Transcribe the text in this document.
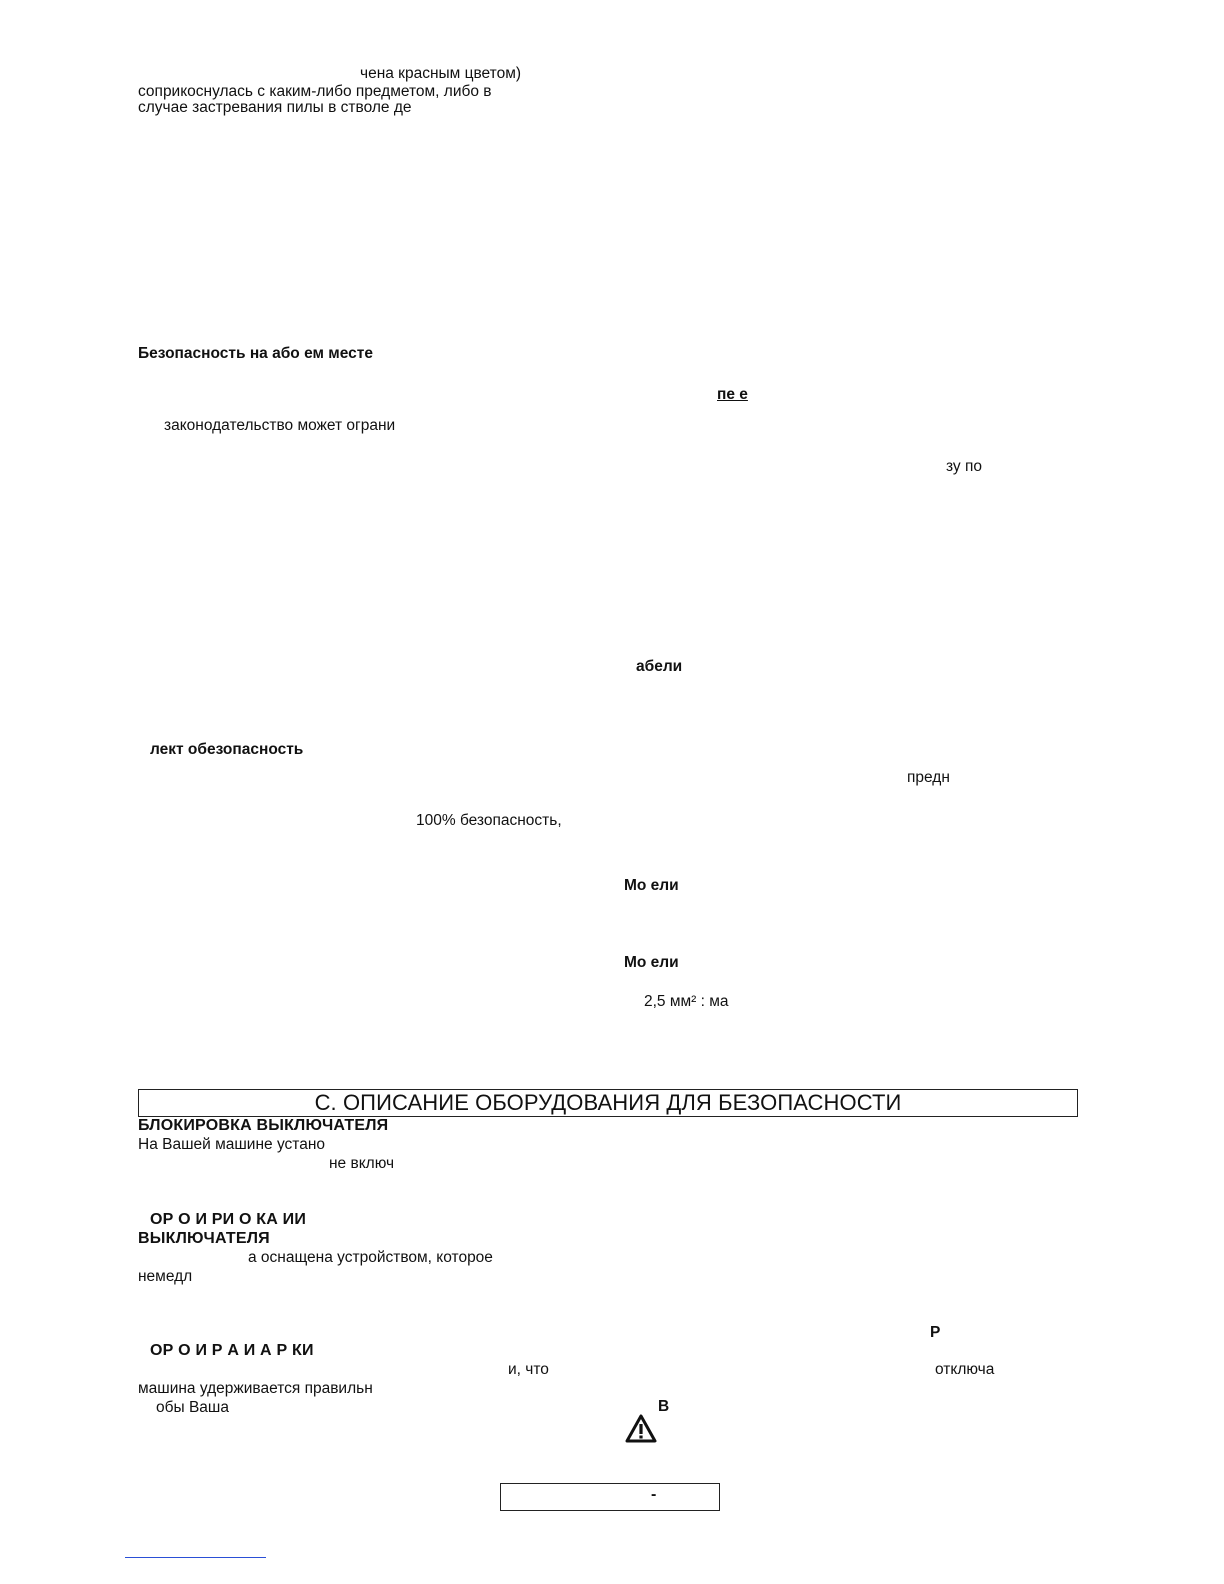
чена красным цветом)
соприкоснулась с каким-либо предметом, либо в
случае застревания пилы в стволе де
Безопасность на або ем месте
пе е
законодательство может ограни
зу по
абели
лект обезопасность
предн
100% безопасность,
Мо ели
Мо ели
2,5 мм² : ма
С. ОПИСАНИЕ ОБОРУДОВАНИЯ ДЛЯ БЕЗОПАСНОСТИ
БЛОКИРОВКА ВЫКЛЮЧАТЕЛЯ
На Вашей машине устано
не включ
ОР О И РИ О КА ИИ
ВЫКЛЮЧАТЕЛЯ
а оснащена устройством, которое
немедл
Р
ОР О И Р А И А Р КИ
и, что	отключа
машина удерживается правильн
обы Ваша	В
-
